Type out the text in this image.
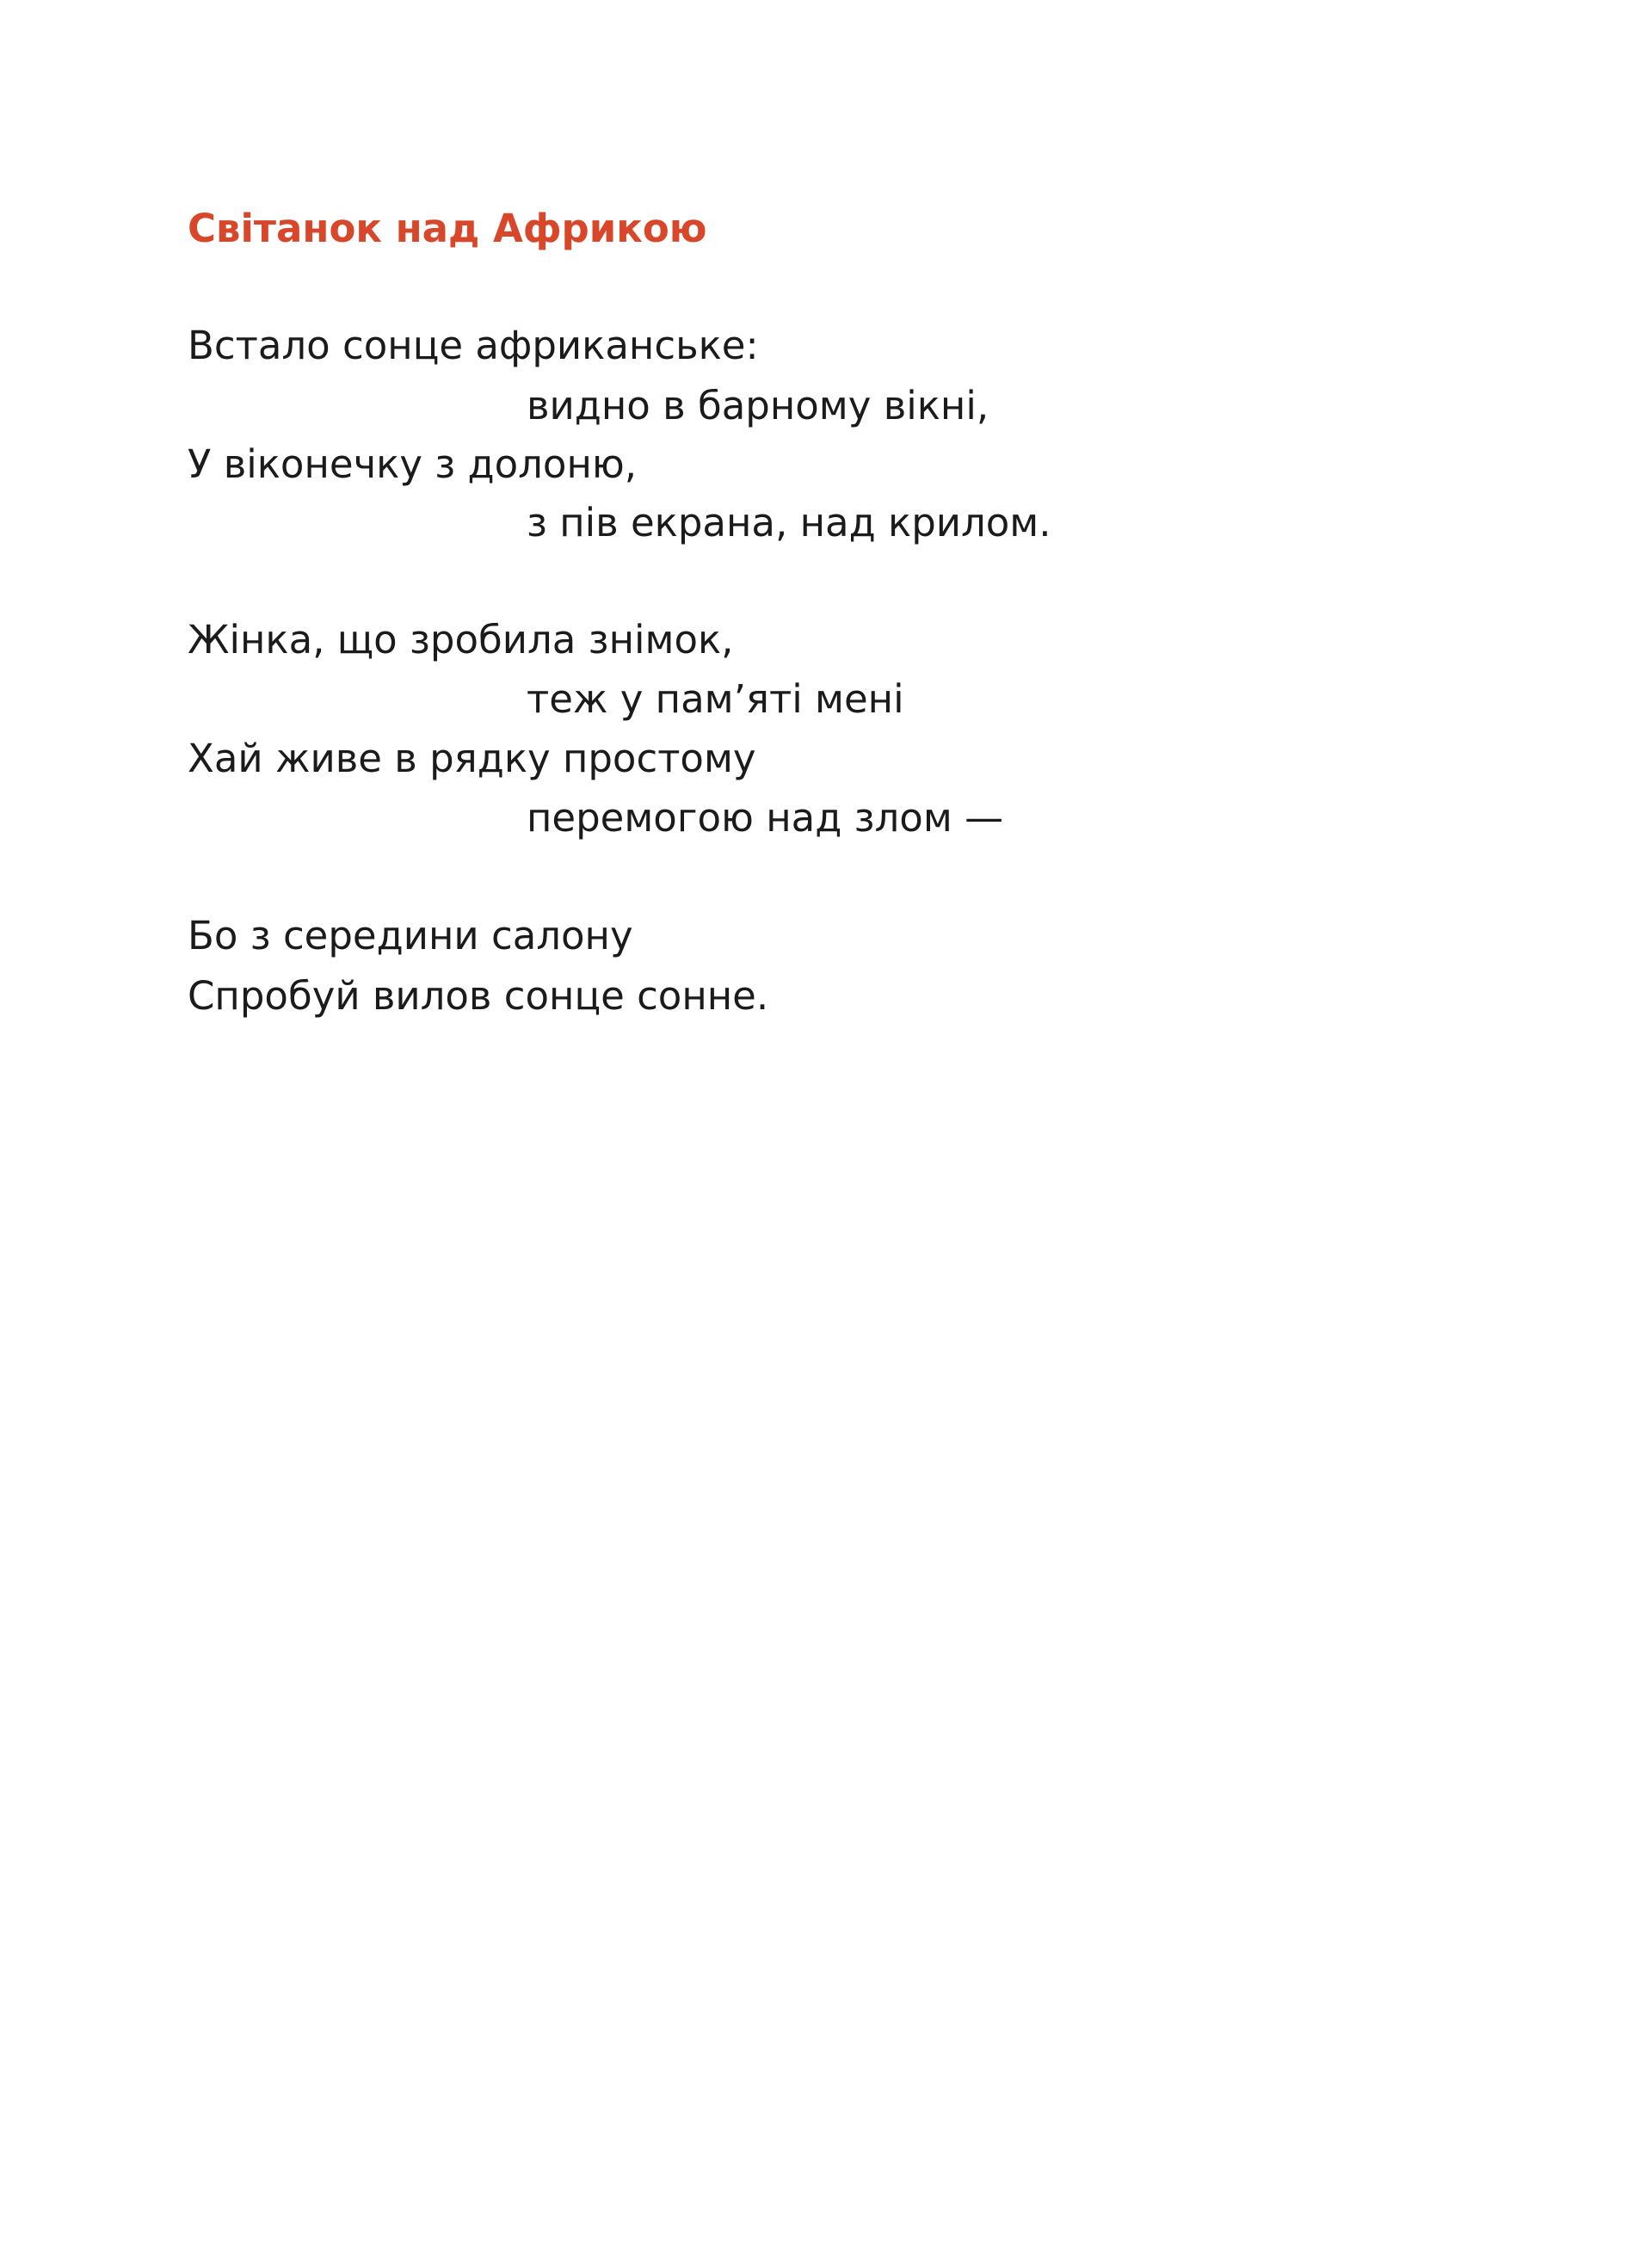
Світанок над Африкою

Встало сонце африканське:

видно в барному вікні,

У віконечку з долоню,

з пів екрана, над крилом.

Жінка, що зробила знімок,

теж у пам’яті мені

Хай живе в рядку простому

перемогою над злом —

Бо з середини салону

Спробуй вилов сонце сонне.
